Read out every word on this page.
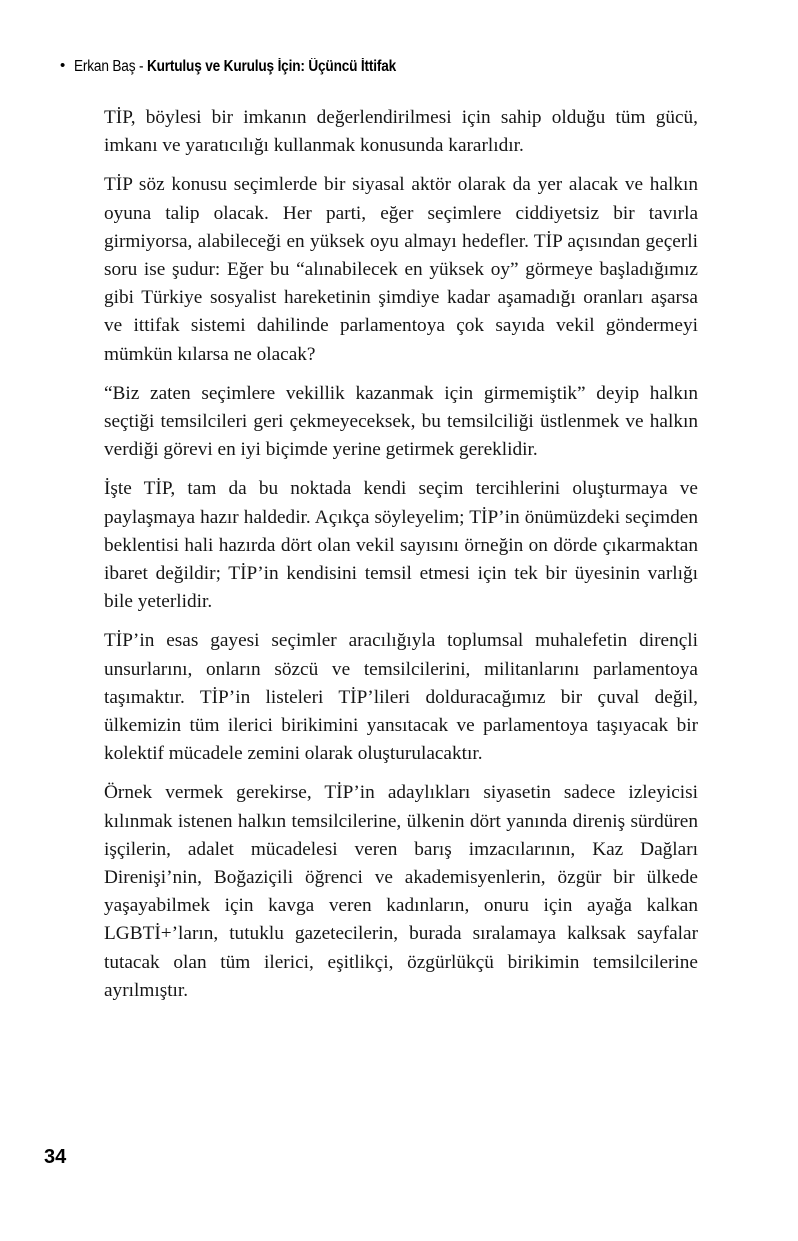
• Erkan Baş - Kurtuluş ve Kuruluş İçin: Üçüncü İttifak

TİP, böylesi bir imkanın değerlendirilmesi için sahip olduğu tüm gücü, imkanı ve yaratıcılığı kullanmak konusunda kararlıdır.

TİP söz konusu seçimlerde bir siyasal aktör olarak da yer alacak ve halkın oyuna talip olacak. Her parti, eğer seçimlere ciddiyetsiz bir tavırla girmiyorsa, alabileceği en yüksek oyu almayı hedefler. TİP açısından geçerli soru ise şudur: Eğer bu “alınabilecek en yüksek oy” görmeye başladığımız gibi Türkiye sosyalist hareketinin şimdiye kadar aşamadığı oranları aşarsa ve ittifak sistemi dahilinde parlamentoya çok sayıda vekil göndermeyi mümkün kılarsa ne olacak?

“Biz zaten seçimlere vekillik kazanmak için girmemiştik” deyip halkın seçtiği temsilcileri geri çekmeyeceksek, bu temsilciliği üstlenmek ve halkın verdiği görevi en iyi biçimde yerine getirmek gereklidir.

İşte TİP, tam da bu noktada kendi seçim tercihlerini oluşturmaya ve paylaşmaya hazır haldedir. Açıkça söyleyelim; TİP’in önümüzdeki seçimden beklentisi hali hazırda dört olan vekil sayısını örneğin on dörde çıkarmaktan ibaret değildir; TİP’in kendisini temsil etmesi için tek bir üyesinin varlığı bile yeterlidir.

TİP’in esas gayesi seçimler aracılığıyla toplumsal muhalefetin dirençli unsurlarını, onların sözcü ve temsilcilerini, militanlarını parlamentoya taşımaktır. TİP’in listeleri TİP’lileri dolduracağımız bir çuval değil, ülkemizin tüm ilerici birikimini yansıtacak ve parlamentoya taşıyacak bir kolektif mücadele zemini olarak oluşturulacaktır.

Örnek vermek gerekirse, TİP’in adaylıkları siyasetin sadece izleyicisi kılınmak istenen halkın temsilcilerine, ülkenin dört yanında direniş sürdüren işçilerin, adalet mücadelesi veren barış imzacılarının, Kaz Dağları Direnişi’nin, Boğaziçili öğrenci ve akademisyenlerin, özgür bir ülkede yaşayabilmek için kavga veren kadınların, onuru için ayağa kalkan LGBTİ+’ların, tutuklu gazetecilerin, burada sıralamaya kalksak sayfalar tutacak olan tüm ilerici, eşitlikçi, özgürlükçü birikimin temsilcilerine ayrılmıştır.

34
